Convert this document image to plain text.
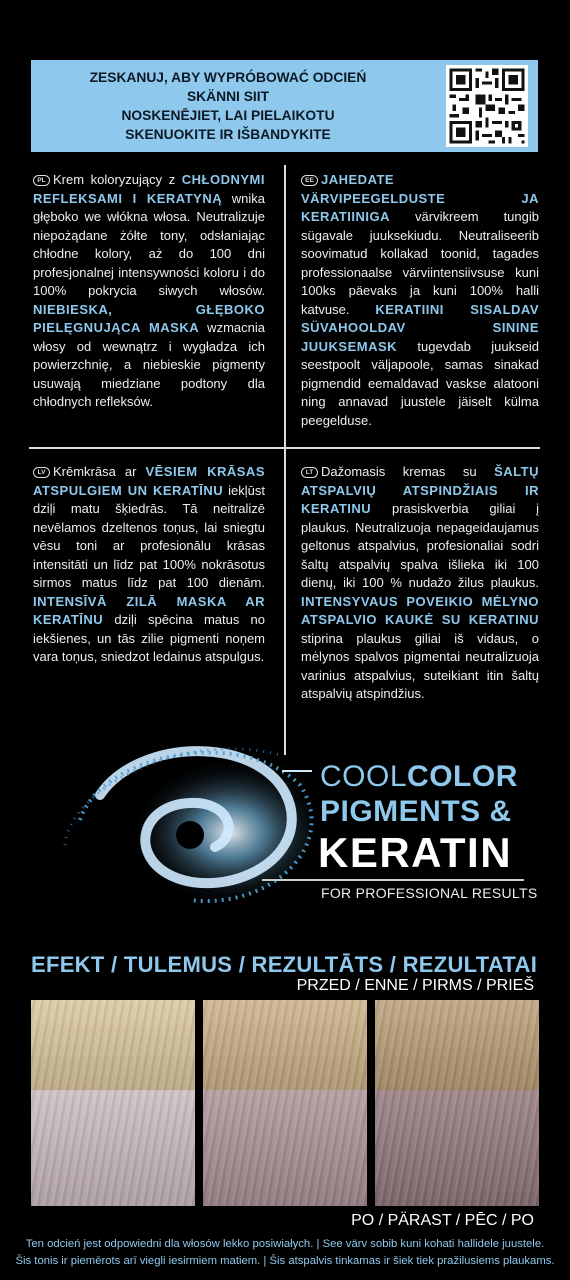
ZESKANUJ, ABY WYPRÓBOWAĆ ODCIEŃ
SKÄNNI SIIT
NOSKENĒJIET, LAI PIELAIKOTU
SKENUOKITE IR IŠBANDYKITE
PL Krem koloryzujący z CHŁODNYMI REFLEKSAMI I KERATYNĄ wnika głęboko we włókna włosa. Neutralizuje niepożądane żółte tony, odsłaniając chłodne kolory, aż do 100 dni profesjonalnej intensywności koloru i do 100% pokrycia siwych włosów. NIEBIESKA, GŁĘBOKO PIELĘGNUJĄCA MASKA wzmacnia włosy od wewnątrz i wygładza ich powierzchnię, a niebieskie pigmenty usuwają miedziane podtony dla chłodnych refleksów.
EE JAHEDATE VÄRVIPEEGELDUSTE JA KERATIINIGA värvikreem tungib sügavale juuksekiudu. Neutraliseerib soovimatud kollakad toonid, tagades professionaalse värviintensiivsuse kuni 100ks päevaks ja kuni 100% halli katvuse. KERATIINI SISALDAV SÜVAHOOLDAV SININE JUUKSEMASK tugevdab juukseid seestpoolt väljapoole, samas sinakad pigmendid eemaldavad vaskse alatooni ning annavad juustele jäiselt külma peegelduse.
LV Krēmkrāsa ar VĒSIEM KRĀSAS ATSPULGIEM UN KERATĪNU iekļūst dziļi matu šķiedrās. Tā neitralizē nevēlamos dzeltenos toņus, lai sniegtu vēsu toni ar profesionālu krāsas intensitāti un līdz pat 100% nokrāsotus sirmos matus līdz pat 100 dienām. INTENSĪVĀ ZILĀ MASKA AR KERATĪNU dziļi spēcina matus no iekšienes, un tās zilie pigmenti noņem vara toņus, sniedzot ledainus atspulgus.
LT Dažomasis kremas su ŠALTŲ ATSPALVIŲ ATSPINDŽIAIS IR KERATINU prasiskverbia giliai į plaukus. Neutralizuoja nepageidaujamus geltonus atspalvius, profesionaliai sodri šaltų atspalvių spalva išlieka iki 100 dienų, iki 100 % nudažo žilus plaukus. INTENSYVAUS POVEIKIO MĖLYNO ATSPALVIO KAUKĖ SU KERATINU stiprina plaukus giliai iš vidaus, o mėlynos spalvos pigmentai neutralizuoja varinius atspalvius, suteikiant itin šaltų atspalvių atspindžius.
COOLCOLOR
PIGMENTS &
KERATIN
FOR PROFESSIONAL RESULTS
EFEKT / TULEMUS / REZULTĀTS / REZULTATAI
PRZED / ENNE / PIRMS / PRIEŠ
PO / PÄRAST / PĒC / PO
Ten odcień jest odpowiedni dla włosów lekko posiwiałych. | See värv sobib kuni kohati hallidele juustele.
Šis tonis ir piemērots arī viegli iesirmiem matiem. | Šis atspalvis tinkamas ir šiek tiek pražilusiems plaukams.
